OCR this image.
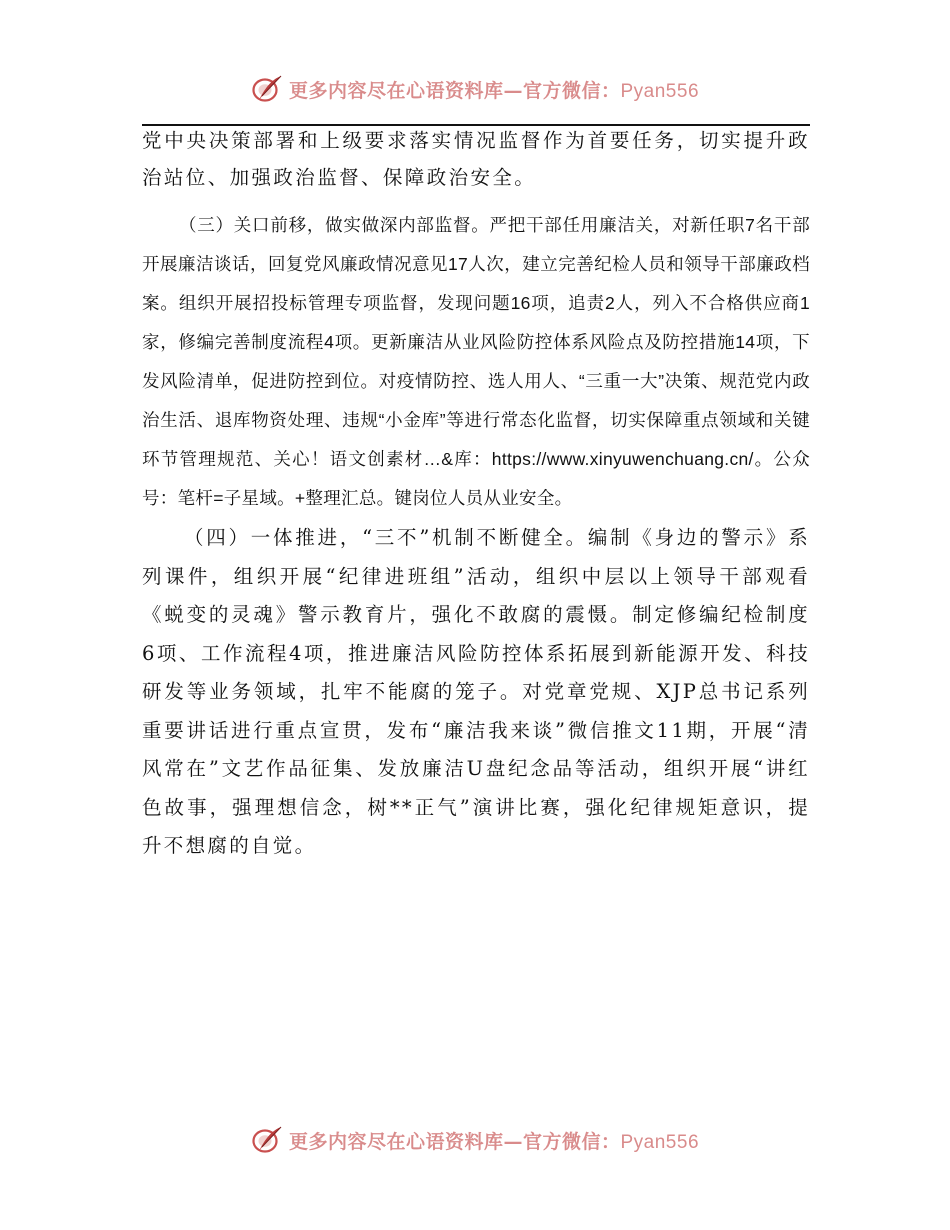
更多内容尽在心语资料库—官方微信：Pyan556

党中央决策部署和上级要求落实情况监督作为首要任务，切实提升政治站位、加强政治监督、保障政治安全。

（三）关口前移，做实做深内部监督。严把干部任用廉洁关，对新任职7名干部开展廉洁谈话，回复党风廉政情况意见17人次，建立完善纪检人员和领导干部廉政档案。组织开展招投标管理专项监督，发现问题16项，追责2人，列入不合格供应商1家，修编完善制度流程4项。更新廉洁从业风险防控体系风险点及防控措施14项，下发风险清单，促进防控到位。对疫情防控、选人用人、“三重一大”决策、规范党内政治生活、退库物资处理、违规“小金库”等进行常态化监督，切实保障重点领域和关键环节管理规范、关心！语文创素材…&库：https://www.xinyuwenchuang.cn/。公众号：笔杆=子星域。+整理汇总。键岗位人员从业安全。

（四）一体推进，“三不”机制不断健全。编制《身边的警示》系列课件，组织开展“纪律进班组”活动，组织中层以上领导干部观看《蜕变的灵魂》警示教育片，强化不敢腐的震慑。制定修编纪检制度6项、工作流程4项，推进廉洁风险防控体系拓展到新能源开发、科技研发等业务领域，扎牢不能腐的笼子。对党章党规、XJP总书记系列重要讲话进行重点宣贯，发布“廉洁我来谈”微信推文11期，开展“清风常在”文艺作品征集、发放廉洁U盘纪念品等活动，组织开展“讲红色故事，强理想信念，树**正气”演讲比赛，强化纪律规矩意识，提升不想腐的自觉。

更多内容尽在心语资料库—官方微信：Pyan556
